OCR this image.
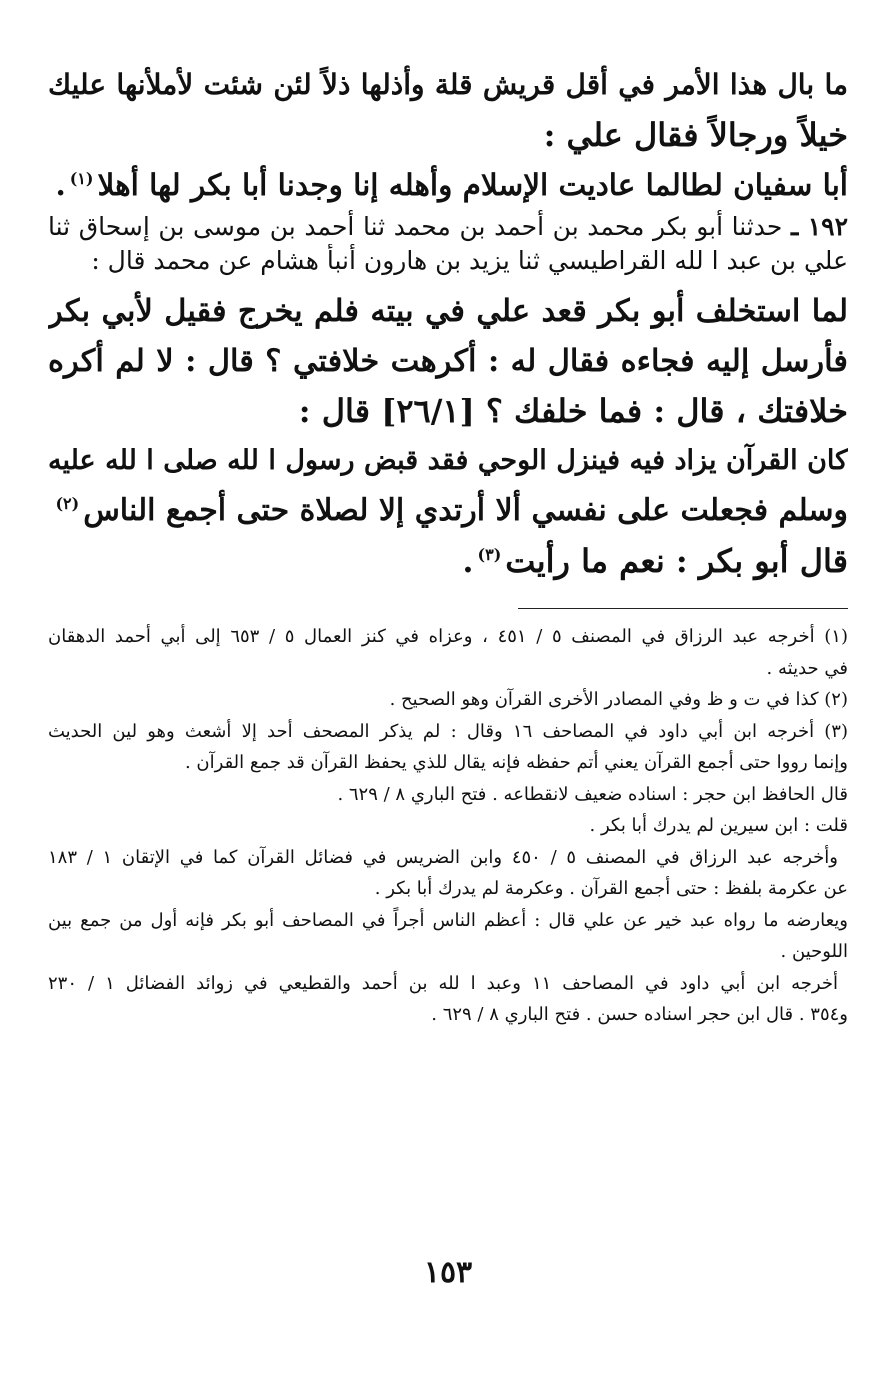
ما بال هذا الأمر في أقل قريش قلة وأذلها ذلاً لئن شئت لأملأنها عليك
خيلاً ورجالاً فقال علي :
أبا سفيان لطالما عاديت الإسلام وأهله إنا وجدنا أبا بكر لها أهلا$^{(١)}$.
١٩٢ ـ حدثنا أبو بكر محمد بن أحمد بن محمد ثنا أحمد بن موسى بن إسحاق ثنا
علي بن عبد ا لله القراطيسي ثنا يزيد بن هارون أنبأ هشام عن محمد قال :
لما استخلف أبو بكر قعد علي في بيته فلم يخرج فقيل لأبي بكر
فأرسل إليه فجاءه فقال له : أكرهت خلافتي ؟ قال : لا لم أكره
خلافتك ، قال : فما خلفك ؟ [٢٦/١] قال :
كان القرآن يزاد فيه فينزل الوحي فقد قبض رسول ا لله صلى ا لله عليه
وسلم فجعلت على نفسي ألا أرتدي إلا لصلاة حتى أجمع الناس$^{(٢)}$
قال أبو بكر : نعم ما رأيت$^{(٣)}$.
(١) أخرجه عبد الرزاق في المصنف ٥ / ٤٥١ ، وعزاه في كنز العمال ٥ / ٦٥٣ إلى أبي أحمد الدهقان
في حديثه .
(٢) كذا في ت و ظ وفي المصادر الأخرى القرآن وهو الصحيح .
(٣) أخرجه ابن أبي داود في المصاحف ١٦ وقال : لم يذكر المصحف أحد إلا أشعث وهو لين الحديث
وإنما رووا حتى أجمع القرآن يعني أتم حفظه فإنه يقال للذي يحفظ القرآن قد جمع القرآن .
قال الحافظ ابن حجر : اسناده ضعيف لانقطاعه . فتح الباري ٨ / ٦٢٩ .
قلت : ابن سيرين لم يدرك أبا بكر .
وأخرجه عبد الرزاق في المصنف ٥ / ٤٥٠ وابن الضريس في فضائل القرآن كما في الإتقان ١ / ١٨٣
عن عكرمة بلفظ : حتى أجمع القرآن . وعكرمة لم يدرك أبا بكر .
ويعارضه ما رواه عبد خير عن علي قال : أعظم الناس أجراً في المصاحف أبو بكر فإنه أول من جمع بين
اللوحين .
أخرجه ابن أبي داود في المصاحف ١١ وعبد ا لله بن أحمد والقطيعي في زوائد الفضائل ١ / ٢٣٠
و٣٥٤ . قال ابن حجر اسناده حسن . فتح الباري ٨ / ٦٢٩ .
١٥٣
